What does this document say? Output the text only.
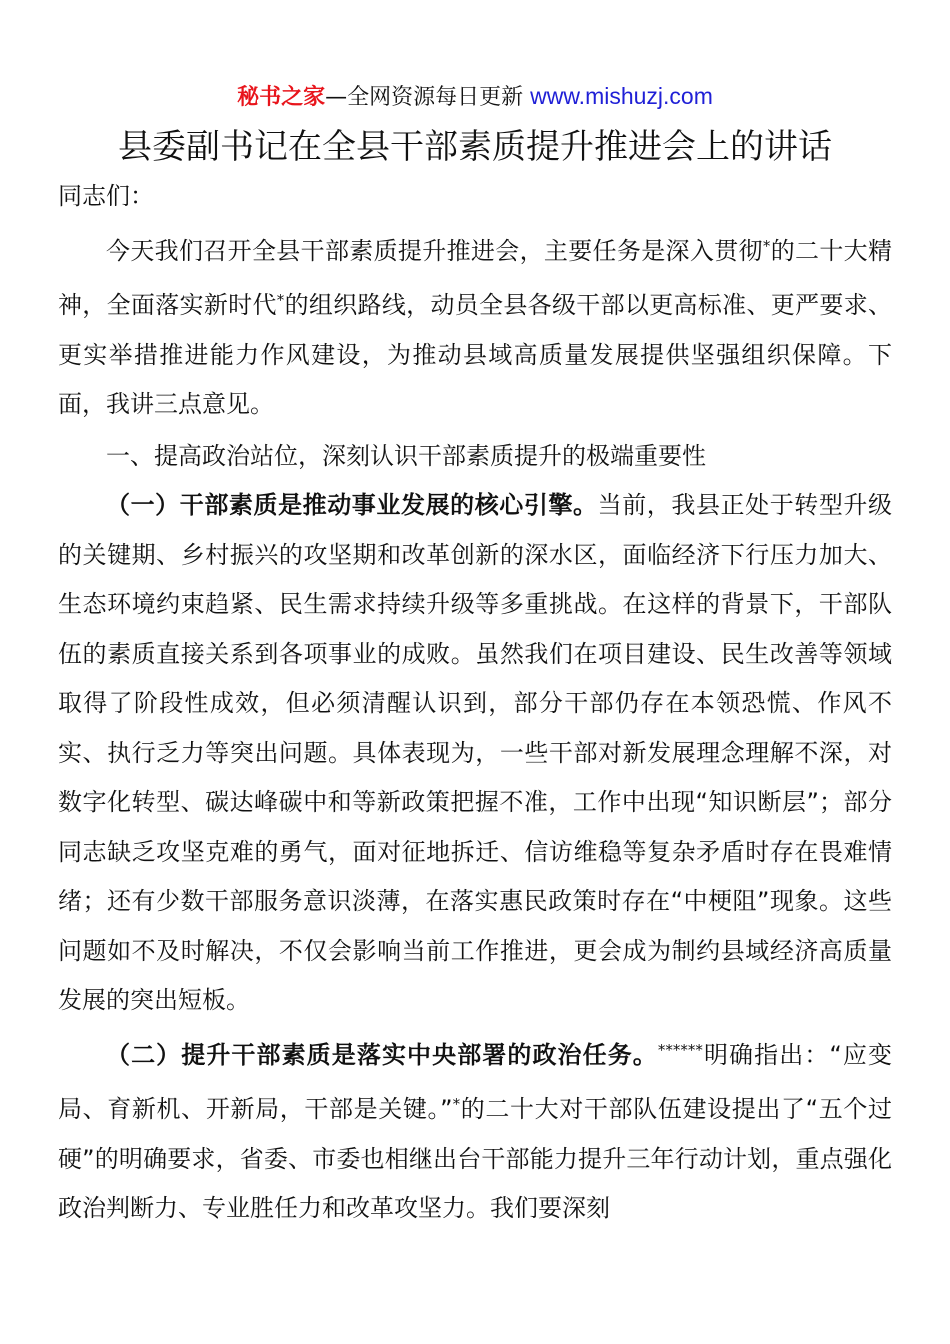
秘书之家—全网资源每日更新 www.mishuzj.com
县委副书记在全县干部素质提升推进会上的讲话

同志们：

今天我们召开全县干部素质提升推进会，主要任务是深入贯彻*的二十大精神，全面落实新时代*的组织路线，动员全县各级干部以更高标准、更严要求、更实举措推进能力作风建设，为推动县域高质量发展提供坚强组织保障。下面，我讲三点意见。

一、提高政治站位，深刻认识干部素质提升的极端重要性

（一）干部素质是推动事业发展的核心引擎。当前，我县正处于转型升级的关键期、乡村振兴的攻坚期和改革创新的深水区，面临经济下行压力加大、生态环境约束趋紧、民生需求持续升级等多重挑战。在这样的背景下，干部队伍的素质直接关系到各项事业的成败。虽然我们在项目建设、民生改善等领域取得了阶段性成效，但必须清醒认识到，部分干部仍存在本领恐慌、作风不实、执行乏力等突出问题。具体表现为，一些干部对新发展理念理解不深，对数字化转型、碳达峰碳中和等新政策把握不准，工作中出现“知识断层”；部分同志缺乏攻坚克难的勇气，面对征地拆迁、信访维稳等复杂矛盾时存在畏难情绪；还有少数干部服务意识淡薄，在落实惠民政策时存在“中梗阻”现象。这些问题如不及时解决，不仅会影响当前工作推进，更会成为制约县域经济高质量发展的突出短板。

（二）提升干部素质是落实中央部署的政治任务。******明确指出：“应变局、育新机、开新局，干部是关键。”*的二十大对干部队伍建设提出了“五个过硬”的明确要求，省委、市委也相继出台干部能力提升三年行动计划，重点强化政治判断力、专业胜任力和改革攻坚力。我们要深刻
